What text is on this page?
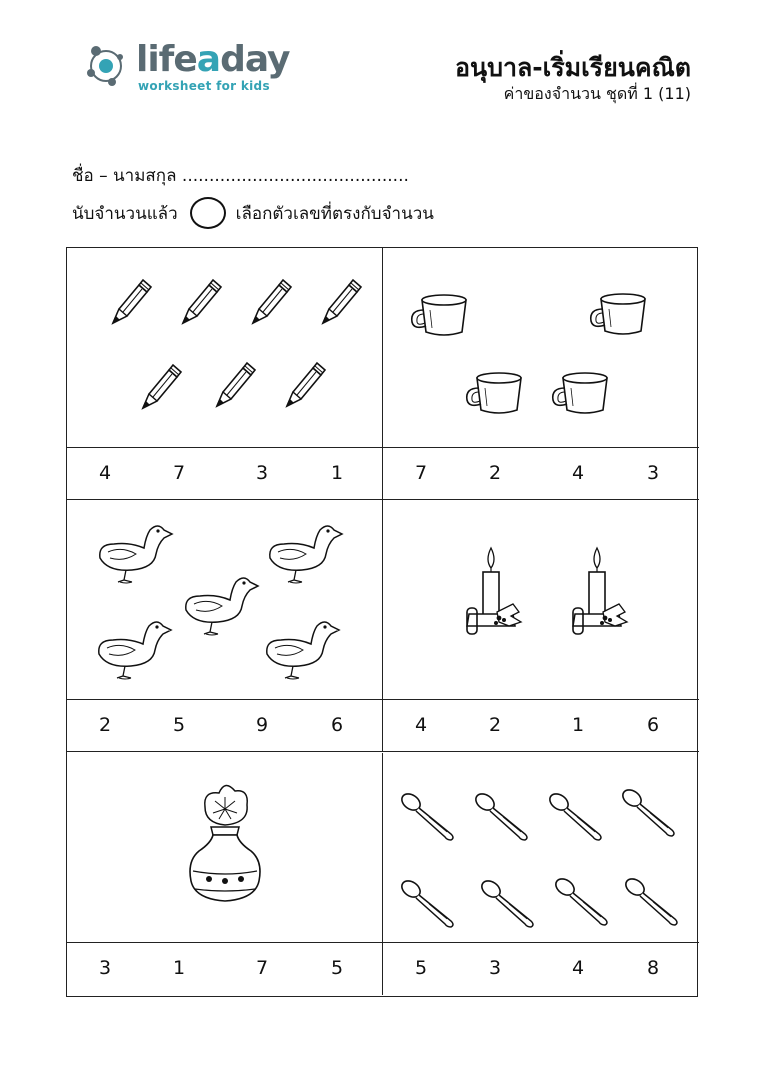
lifeaday
worksheet for kids
อนุบาล-เริ่มเรียนคณิต
ค่าของจำนวน ชุดที่ 1 (11)
ชื่อ – นามสกุล ..........................................
นับจำนวนแล้ว	เลือกตัวเลขที่ตรงกับจำนวน
4	7	3	1	7	2	4	3
2	5	9	6	4	2	1	6
3	1	7	5	5	3	4	8
